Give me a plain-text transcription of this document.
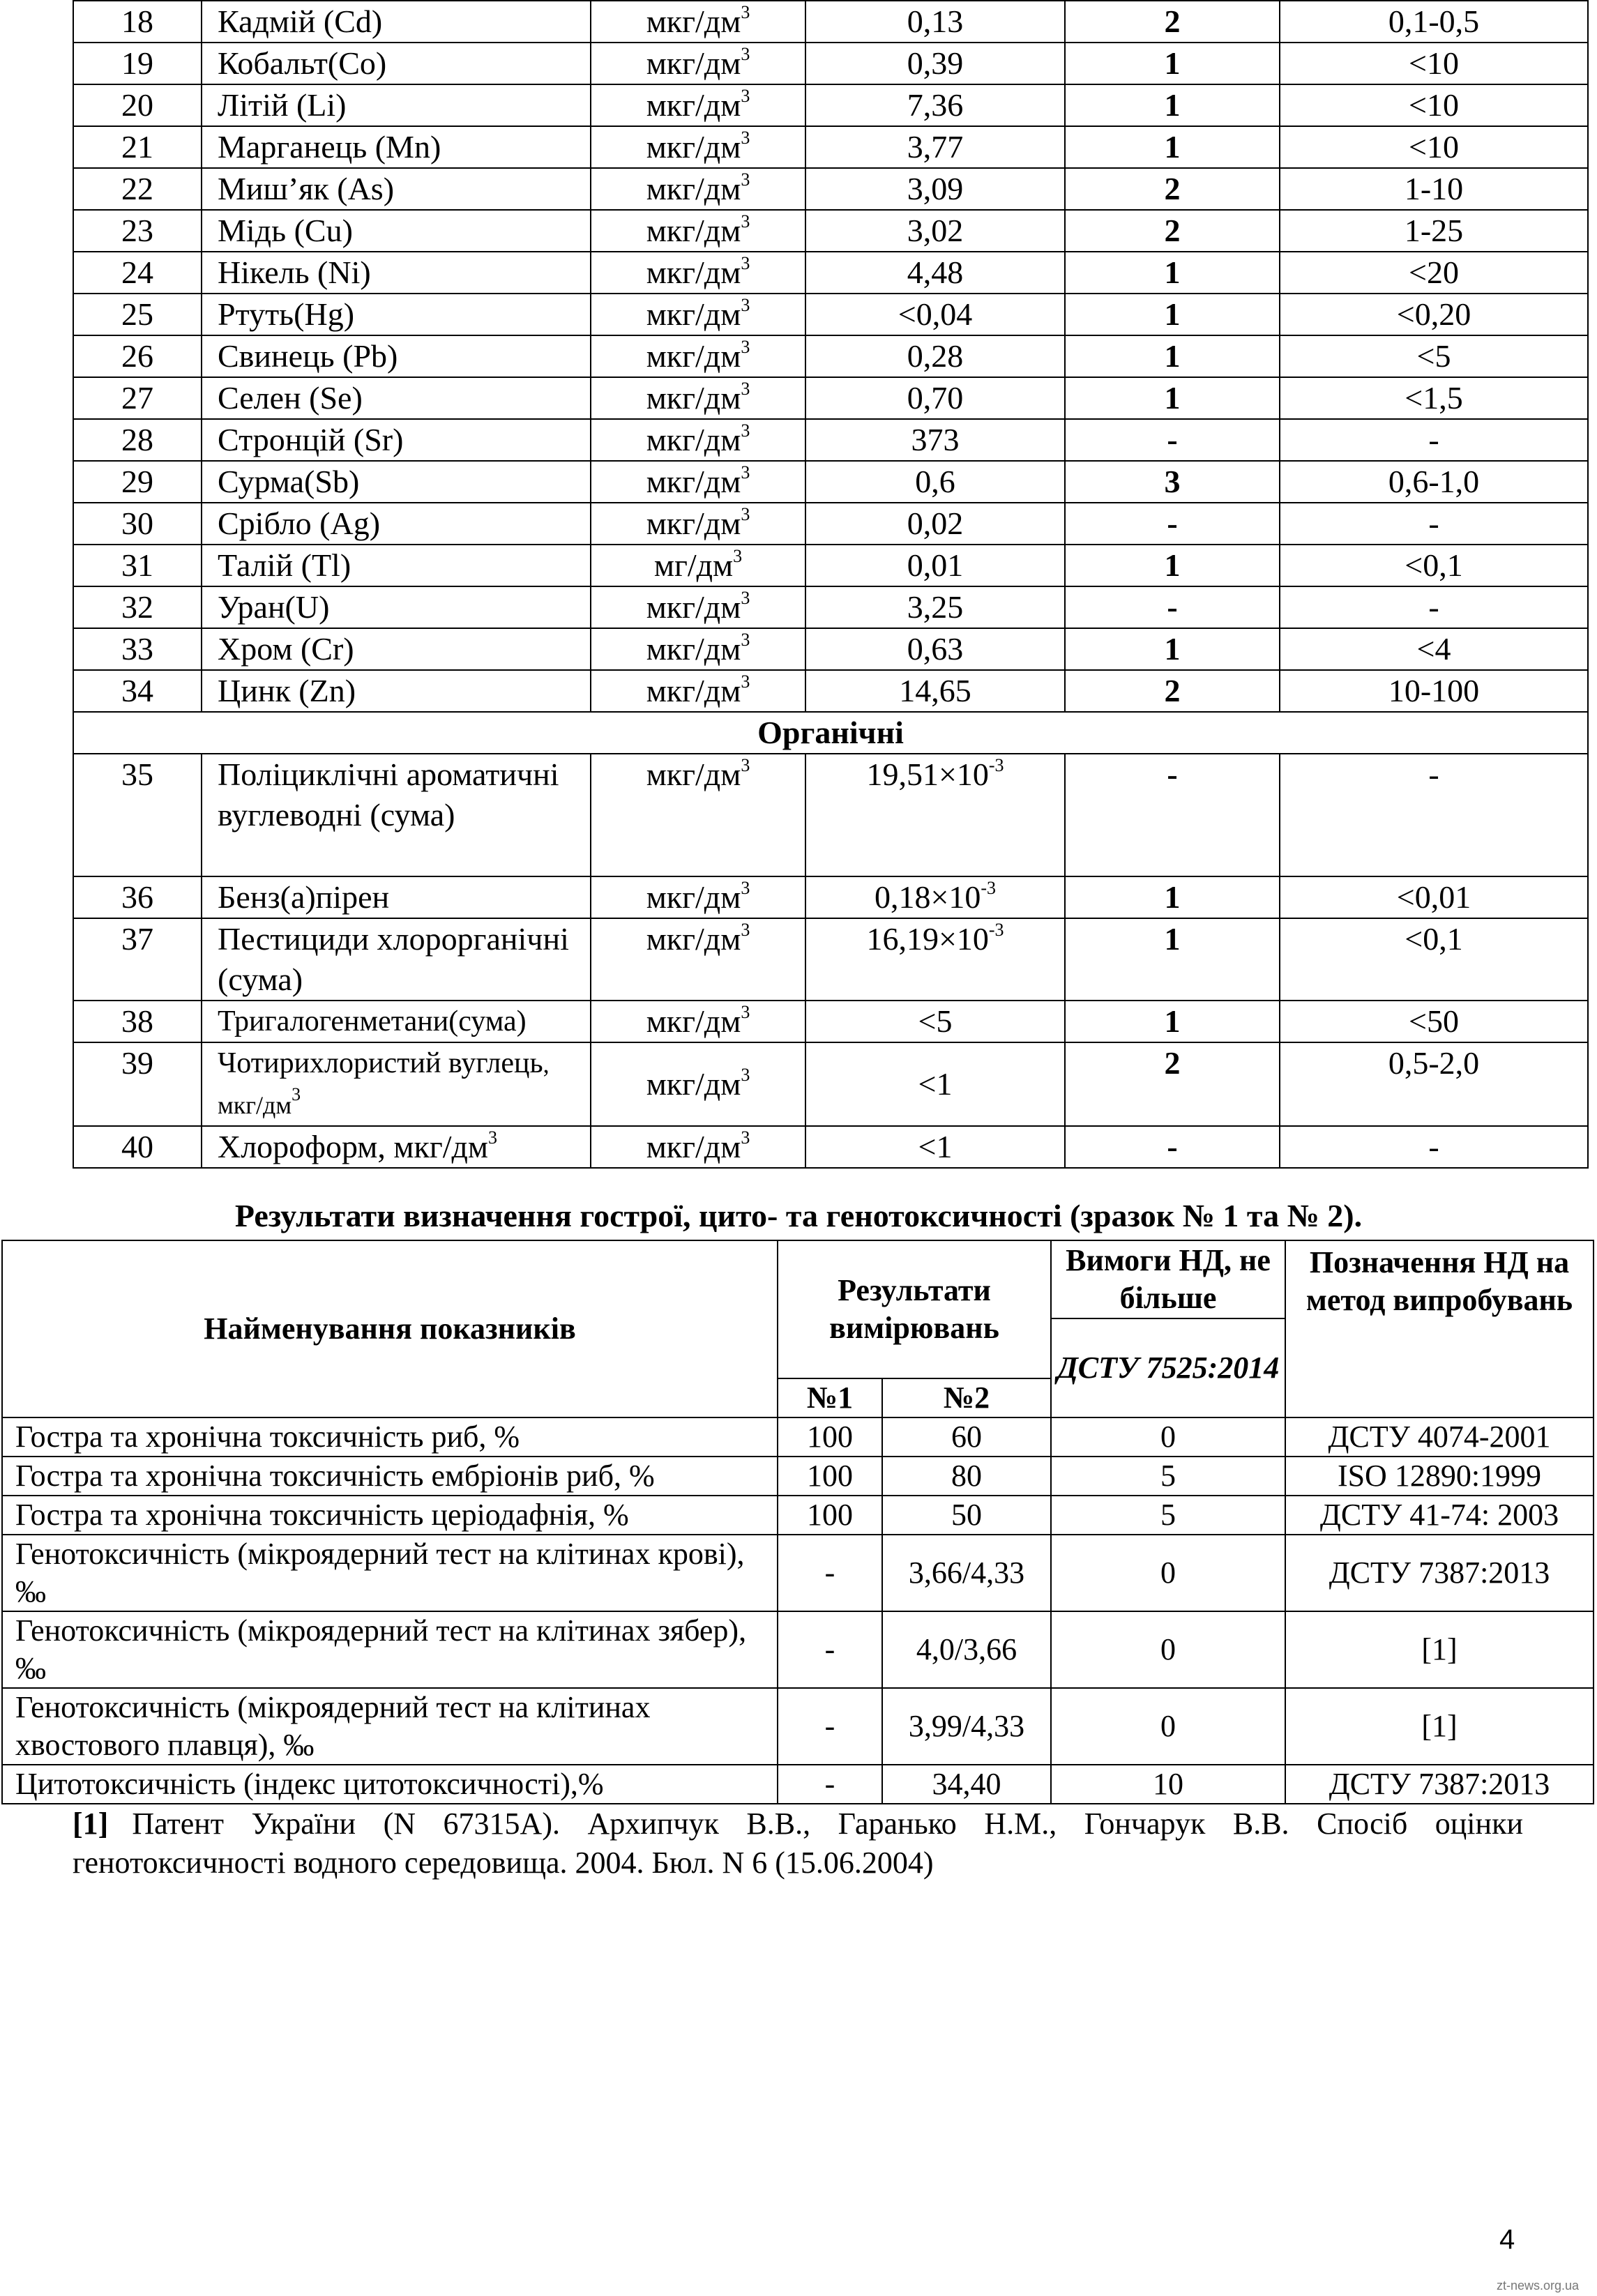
18	Кадмій (Cd)	мкг/$дм^3$	0,13	2	0,1-0,5
19	Кобальт(Co)	мкг/$дм^3$	0,39	1	<10
20	Літій (Li)	мкг/$дм^3$	7,36	1	<10
21	Марганець (Mn)	мкг/$дм^3$	3,77	1	<10
22	Миш’як (As)	мкг/$дм^3$	3,09	2	1-10
23	Мідь (Cu)	мкг/$дм^3$	3,02	2	1-25
24	Нікель (Ni)	мкг/$дм^3$	4,48	1	<20
25	Ртуть(Hg)	мкг/$дм^3$	<0,04	1	<0,20
26	Свинець (Pb)	мкг/$дм^3$	0,28	1	<5
27	Селен (Se)	мкг/$дм^3$	0,70	1	<1,5
28	Стронцій (Sr)	мкг/$дм^3$	373	-	-
29	Сурма(Sb)	мкг/$дм^3$	0,6	3	0,6-1,0
30	Срібло (Ag)	мкг/$дм^3$	0,02	-	-
31	Талій (Tl)	$мг/дм^3$	0,01	1	<0,1
32	Уран(U)	мкг/$дм^3$	3,25	-	-
33	Хром (Cr)	мкг/$дм^3$	0,63	1	<4
34	Цинк (Zn)	мкг/$дм^3$	14,65	2	10-100
Органічні					
35	Поліциклічні ароматичні вуглеводні (сума)	мкг/$дм^3$	$19,51\times 10^{-3}$	-	-
36	Бенз(а)пірен	мкг/$дм^3$	$0,18\times 10^{-3}$	1	<0,01
37	Пестициди хлорорганічні (сума)	мкг/$дм^3$	$16,19\times 10^{-3}$	1	<0,1
38	Тригалогенметани(сума)	мкг/$дм^3$	<5	1	<50
39	Чотирихлористий вуглець, мкг/$дм^3$	мкг/$дм^3$	<1	2	0,5-2,0
40	Хлороформ, мкг/$дм^3$	мкг/$дм^3$	<1	-	-

Результати визначення гострої, цито- та генотоксичності (зразок № 1 та № 2).

Найменування показників	Результати вимірювань		Вимоги НД, не більше	Позначення НД на метод випробувань
			ДСТУ 7525:2014	
	№1	№2		
Гостра та хронічна токсичність риб, %	100	60	0	ДСТУ 4074-2001
Гостра та хронічна токсичність ембріонів риб, %	100	80	5	ISO 12890:1999
Гостра та хронічна токсичність церіодафнія, %	100	50	5	ДСТУ 41-74: 2003
Генотоксичність (мікроядерний тест на клітинах крові), ‰	-	3,66/4,33	0	ДСТУ 7387:2013
Генотоксичність (мікроядерний тест на клітинах зябер), ‰	-	4,0/3,66	0	[1]
Генотоксичність (мікроядерний тест на клітинах хвостового плавця), ‰	-	3,99/4,33	0	[1]
Цитотоксичність (індекс цитотоксичності),%	-	34,40	10	ДСТУ 7387:2013
[1] Патент України (N 67315А). Архипчук В.В., Гаранько Н.М., Гончарук В.В. Спосіб оцінки генотоксичності водного середовища. 2004. Бюл. N 6 (15.06.2004)
4
zt-news.org.ua
